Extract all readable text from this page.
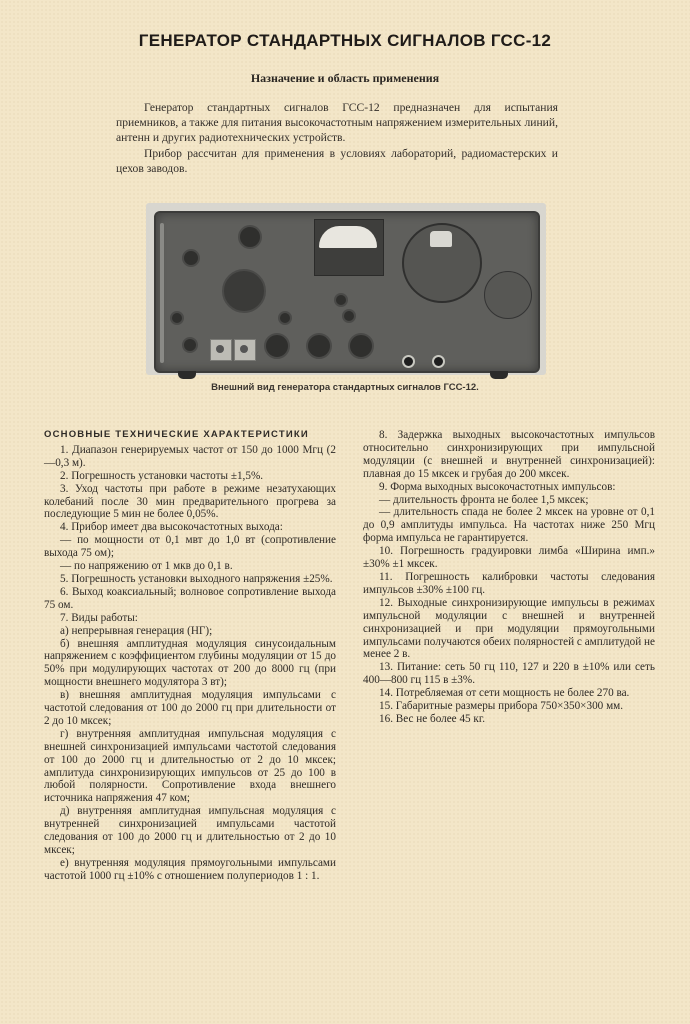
ГЕНЕРАТОР СТАНДАРТНЫХ СИГНАЛОВ ГСС-12
Назначение и область применения

Генератор стандартных сигналов ГСС-12 предназначен для испытания приемников, а также для питания высокочастотным напряжением измерительных линий, антенн и других радиотехнических устройств.

Прибор рассчитан для применения в условиях лабораторий, радиомастерских и цехов заводов.

Внешний вид генератора стандартных сигналов ГСС-12.

ОСНОВНЫЕ ТЕХНИЧЕСКИЕ ХАРАКТЕРИСТИКИ

1. Диапазон генерируемых частот от 150 до 1000 Мгц (2—0,3 м).

2. Погрешность установки частоты ±1,5%.

3. Уход частоты при работе в режиме незатухающих колебаний после 30 мин предварительного прогрева за последующие 5 мин не более 0,05%.

4. Прибор имеет два высокочастотных выхода:

— по мощности от 0,1 мвт до 1,0 вт (сопротивление выхода 75 ом);

— по напряжению от 1 мкв до 0,1 в.

5. Погрешность установки выходного напряжения ±25%.

6. Выход коаксиальный; волновое сопротивление выхода 75 ом.

7. Виды работы:

а) непрерывная генерация (НГ);

б) внешняя амплитудная модуляция синусоидальным напряжением с коэффициентом глубины модуляции от 15 до 50% при модулирующих частотах от 200 до 8000 гц (при мощности внешнего модулятора 3 вт);

в) внешняя амплитудная модуляция импульсами с частотой следования от 100 до 2000 гц при длительности от 2 до 10 мксек;

г) внутренняя амплитудная импульсная модуляция с внешней синхронизацией импульсами частотой следования от 100 до 2000 гц и длительностью от 2 до 10 мксек; амплитуда синхронизирующих импульсов от 25 до 100 в любой полярности. Сопротивление входа внешнего источника напряжения 47 ком;

д) внутренняя амплитудная импульсная модуляция с внутренней синхронизацией импульсами частотой следования от 100 до 2000 гц и длительностью от 2 до 10 мксек;

е) внутренняя модуляция прямоугольными импульсами частотой 1000 гц ±10% с отношением полупериодов 1 : 1.

8. Задержка выходных высокочастотных импульсов относительно синхронизирующих при импульсной модуляции (с внешней и внутренней синхронизацией): плавная до 15 мксек и грубая до 200 мксек.

9. Форма выходных высокочастотных импульсов:

— длительность фронта не более 1,5 мксек;

— длительность спада не более 2 мксек на уровне от 0,1 до 0,9 амплитуды импульса. На частотах ниже 250 Мгц форма импульса не гарантируется.

10. Погрешность градуировки лимба «Ширина имп.» ±30% ±1 мксек.

11. Погрешность калибровки частоты следования импульсов ±30% ±100 гц.

12. Выходные синхронизирующие импульсы в режимах импульсной модуляции с внешней и внутренней синхронизацией и при модуляции прямоугольными импульсами получаются обеих полярностей с амплитудой не менее 2 в.

13. Питание: сеть 50 гц 110, 127 и 220 в ±10% или сеть 400—800 гц 115 в ±3%.

14. Потребляемая от сети мощность не более 270 ва.

15. Габаритные размеры прибора 750×350×300 мм.

16. Вес не более 45 кг.
